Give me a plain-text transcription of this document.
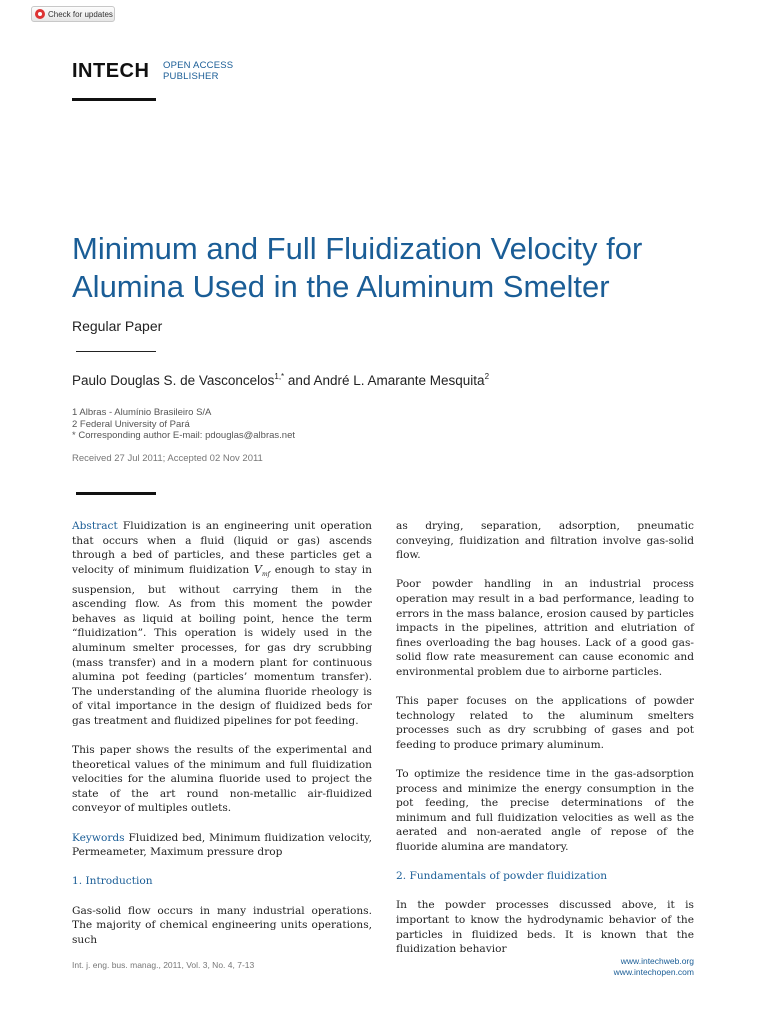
Check for updates
INTECH OPEN ACCESS
PUBLISHER
Minimum and Full Fluidization Velocity for
Alumina Used in the Aluminum Smelter
Regular Paper
Paulo Douglas S. de Vasconcelos$^{1,*}$ and André L. Amarante Mesquita$^2$
1 Albras - Alumínio Brasileiro S/A
2 Federal University of Pará
* Corresponding author E-mail: pdouglas@albras.net
Received 27 Jul 2011; Accepted 02 Nov 2011

Abstract Fluidization is an engineering unit operation that occurs when a fluid (liquid or gas) ascends through a bed of particles, and these particles get a velocity of minimum fluidization $V_{mf}$ enough to stay in suspension, but without carrying them in the ascending flow. As from this moment the powder behaves as liquid at boiling point, hence the term “fluidization”. This operation is widely used in the aluminum smelter processes, for gas dry scrubbing (mass transfer) and in a modern plant for continuous alumina pot feeding (particles’ momentum transfer). The understanding of the alumina fluoride rheology is of vital importance in the design of fluidized beds for gas treatment and fluidized pipelines for pot feeding.

This paper shows the results of the experimental and theoretical values of the minimum and full fluidization velocities for the alumina fluoride used to project the state of the art round non-metallic air-fluidized conveyor of multiples outlets.

Keywords Fluidized bed, Minimum fluidization velocity, Permeameter, Maximum pressure drop

1. Introduction

Gas-solid flow occurs in many industrial operations. The majority of chemical engineering units operations, such

as drying, separation, adsorption, pneumatic conveying, fluidization and filtration involve gas-solid flow.

Poor powder handling in an industrial process operation may result in a bad performance, leading to errors in the mass balance, erosion caused by particles impacts in the pipelines, attrition and elutriation of fines overloading the bag houses. Lack of a good gas-solid flow rate measurement can cause economic and environmental problem due to airborne particles.

This paper focuses on the applications of powder technology related to the aluminum smelters processes such as dry scrubbing of gases and pot feeding to produce primary aluminum.

To optimize the residence time in the gas-adsorption process and minimize the energy consumption in the pot feeding, the precise determinations of the minimum and full fluidization velocities as well as the aerated and non-aerated angle of repose of the fluoride alumina are mandatory.

2. Fundamentals of powder fluidization

In the powder processes discussed above, it is important to know the hydrodynamic behavior of the particles in fluidized beds. It is known that the fluidization behavior

Int. j. eng. bus. manag., 2011, Vol. 3, No. 4, 7-13	www.intechweb.org
www.intechopen.com
